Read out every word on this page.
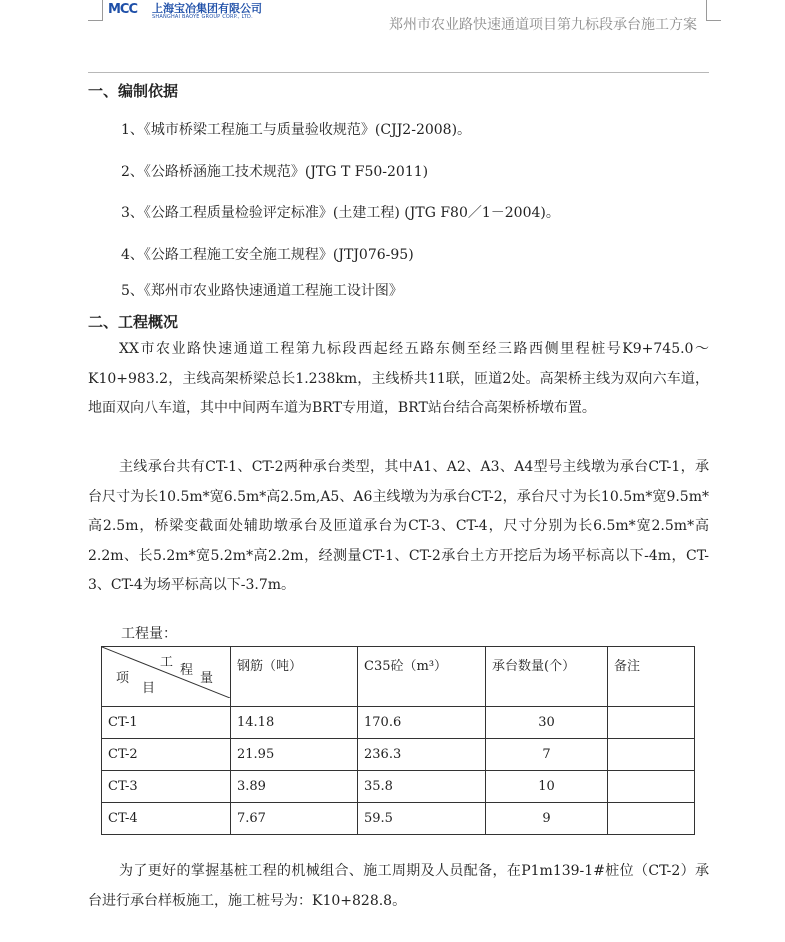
MCC 上海宝冶集团有限公司
SHANGHAI BAOYE GROUP CORP., LTD.
郑州市农业路快速通道项目第九标段承台施工方案
一、编制依据
1、《城市桥梁工程施工与质量验收规范》(CJJ2-2008)。
2、《公路桥涵施工技术规范》(JTG T F50-2011)
3、《公路工程质量检验评定标准》(土建工程) (JTG F80／1－2004)。
4、《公路工程施工安全施工规程》(JTJ076-95)
5、《郑州市农业路快速通道工程施工设计图》
二、工程概况
XX市农业路快速通道工程第九标段西起经五路东侧至经三路西侧里程桩号K9+745.0～K10+983.2，主线高架桥梁总长1.238km，主线桥共11联，匝道2处。高架桥主线为双向六车道，地面双向八车道，其中中间两车道为BRT专用道，BRT站台结合高架桥桥墩布置。
主线承台共有CT-1、CT-2两种承台类型，其中A1、A2、A3、A4型号主线墩为承台CT-1，承台尺寸为长10.5m*宽6.5m*高2.5m,A5、A6主线墩为为承台CT-2，承台尺寸为长10.5m*宽9.5m*高2.5m，桥梁变截面处辅助墩承台及匝道承台为CT-3、CT-4，尺寸分别为长6.5m*宽2.5m*高2.2m、长5.2m*宽5.2m*高2.2m，经测量CT-1、CT-2承台土方开挖后为场平标高以下-4m，CT-3、CT-4为场平标高以下-3.7m。
工程量：
工
程
量
项
目	钢筋（吨）	C35砼（m³）	承台数量(个）	备注
CT-1	14.18	170.6	30	
CT-2	21.95	236.3	7	
CT-3	3.89	35.8	10	
CT-4	7.67	59.5	9	
为了更好的掌握基桩工程的机械组合、施工周期及人员配备，在P1m139-1#桩位（CT-2）承台进行承台样板施工，施工桩号为：K10+828.8。
